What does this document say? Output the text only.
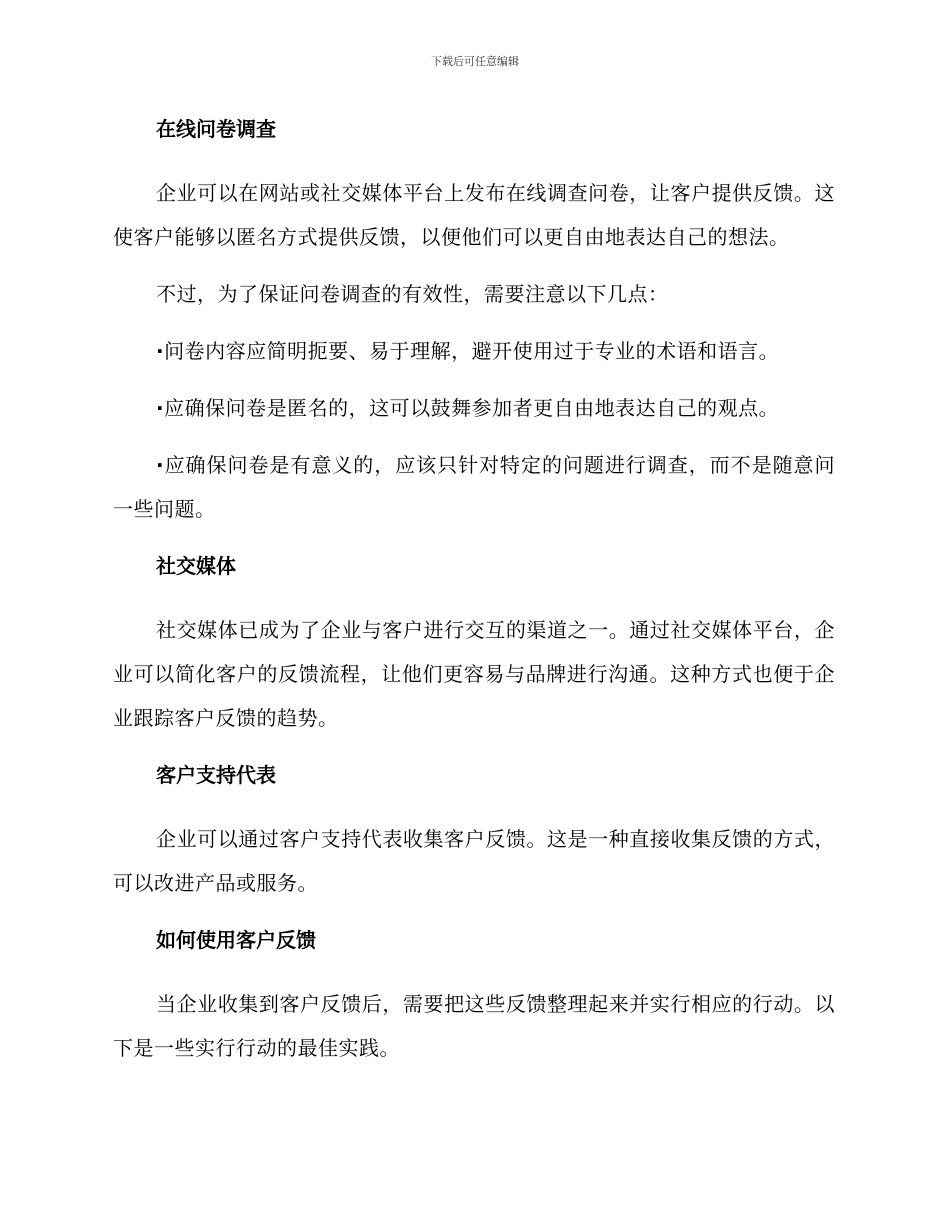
下载后可任意编辑
在线问卷调查

企业可以在网站或社交媒体平台上发布在线调查问卷，让客户提供反馈。这使客户能够以匿名方式提供反馈，以便他们可以更自由地表达自己的想法。

不过，为了保证问卷调查的有效性，需要注意以下几点：

·问卷内容应简明扼要、易于理解，避开使用过于专业的术语和语言。

·应确保问卷是匿名的，这可以鼓舞参加者更自由地表达自己的观点。

·应确保问卷是有意义的，应该只针对特定的问题进行调查，而不是随意问一些问题。

社交媒体

社交媒体已成为了企业与客户进行交互的渠道之一。通过社交媒体平台，企业可以简化客户的反馈流程，让他们更容易与品牌进行沟通。这种方式也便于企业跟踪客户反馈的趋势。

客户支持代表

企业可以通过客户支持代表收集客户反馈。这是一种直接收集反馈的方式，可以改进产品或服务。

如何使用客户反馈

当企业收集到客户反馈后，需要把这些反馈整理起来并实行相应的行动。以下是一些实行行动的最佳实践。
